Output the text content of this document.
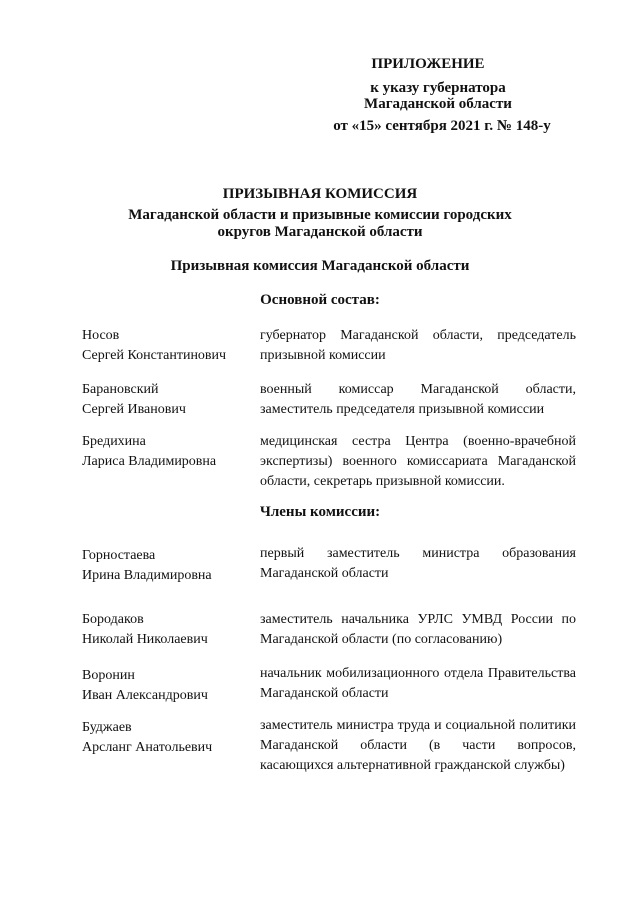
ПРИЛОЖЕНИЕ
к указу губернатора
Магаданской области
от «15» сентября 2021 г. № 148-у
ПРИЗЫВНАЯ КОМИССИЯ
Магаданской области и призывные комиссии городских округов Магаданской области
Призывная комиссия Магаданской области
Основной состав:
Носов
Сергей Константинович
губернатор Магаданской области, председатель призывной комиссии
Барановский
Сергей Иванович
военный комиссар Магаданской области, заместитель председателя призывной комиссии
Бредихина
Лариса Владимировна
медицинская сестра Центра (военно-врачебной экспертизы) военного комиссариата Магаданской области, секретарь призывной комиссии.
Члены комиссии:
Горностаева
Ирина Владимировна
первый заместитель министра образования Магаданской области
Бородаков
Николай Николаевич
заместитель начальника УРЛС УМВД России по Магаданской области (по согласованию)
Воронин
Иван Александрович
начальник мобилизационного отдела Правительства Магаданской области
Буджаев
Арсланг Анатольевич
заместитель министра труда и социальной политики Магаданской области (в части вопросов, касающихся альтернативной гражданской службы)
